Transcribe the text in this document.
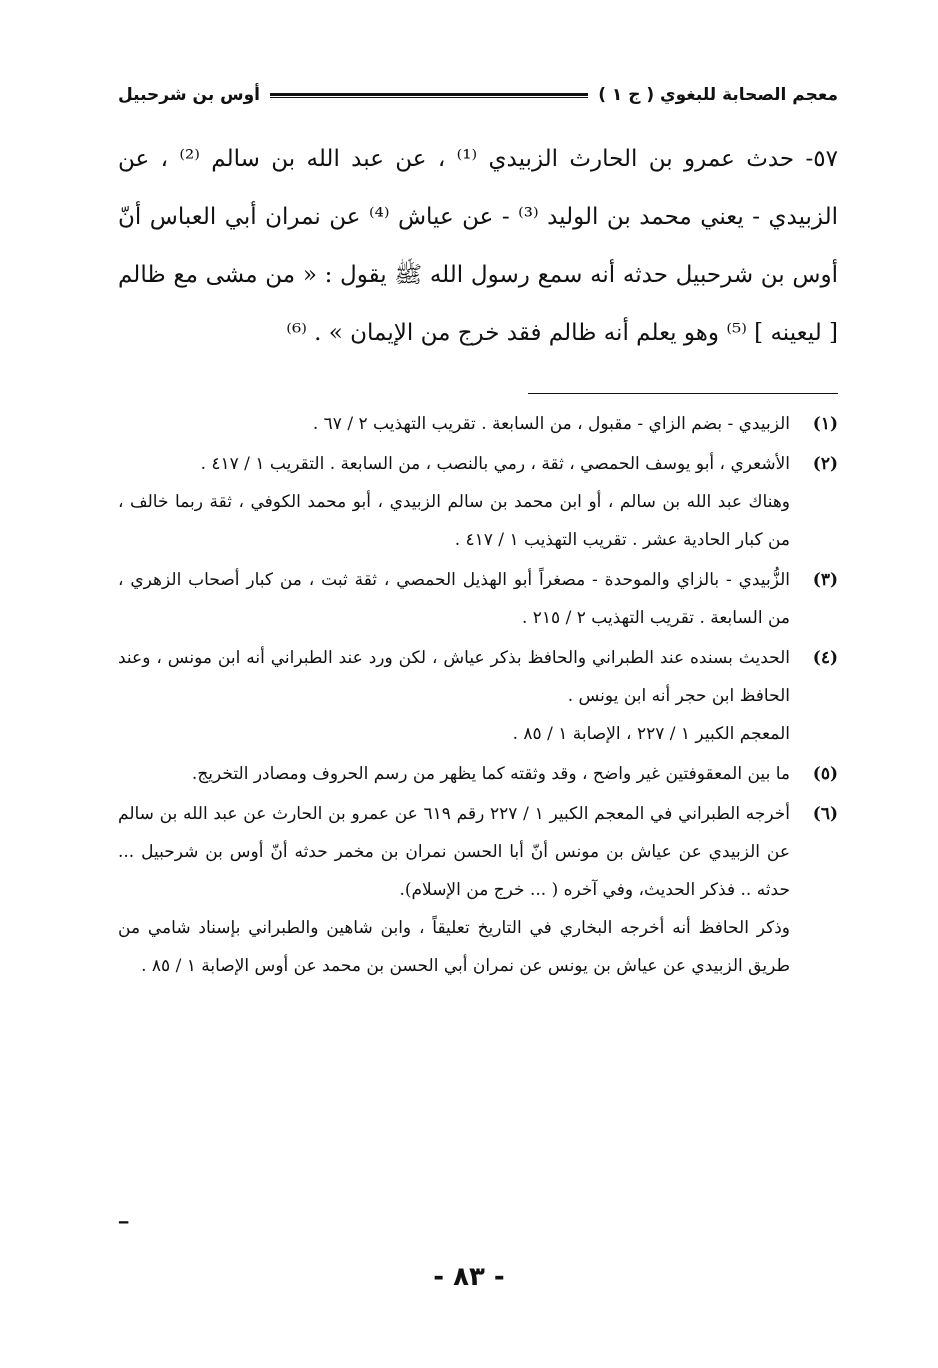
معجم الصحابة للبغوي ( ج ١ )
أوس بن شرحبيل
٥٧- حدث عمرو بن الحارث الزبيدي ⁽¹⁾ ، عن عبد الله بن سالم ⁽²⁾ ، عن الزبيدي - يعني محمد بن الوليد ⁽³⁾ - عن عياش ⁽⁴⁾ عن نمران أبي العباس أنّ أوس بن شرحبيل حدثه أنه سمع رسول الله ﷺ يقول : « من مشى مع ظالم [ ليعينه ] ⁽⁵⁾ وهو يعلم أنه ظالم فقد خرج من الإيمان » . ⁽⁶⁾
(١)

الزبيدي - بضم الزاي - مقبول ، من السابعة . تقريب التهذيب ٢ / ٦٧ .

(٢)

الأشعري ، أبو يوسف الحمصي ، ثقة ، رمي بالنصب ، من السابعة . التقريب ١ / ٤١٧ .

وهناك عبد الله بن سالم ، أو ابن محمد بن سالم الزبيدي ، أبو محمد الكوفي ، ثقة ربما خالف ، من كبار الحادية عشر . تقريب التهذيب ١ / ٤١٧ .

(٣)

الزُّبيدي - بالزاي والموحدة - مصغراً أبو الهذيل الحمصي ، ثقة ثبت ، من كبار أصحاب الزهري ، من السابعة . تقريب التهذيب ٢ / ٢١٥ .

(٤)

الحديث بسنده عند الطبراني والحافظ بذكر عياش ، لكن ورد عند الطبراني أنه ابن مونس ، وعند الحافظ ابن حجر أنه ابن يونس .

المعجم الكبير ١ / ٢٢٧ ، الإصابة ١ / ٨٥ .

(٥)

ما بين المعقوفتين غير واضح ، وقد وثقته كما يظهر من رسم الحروف ومصادر التخريج.

(٦)

أخرجه الطبراني في المعجم الكبير ١ / ٢٢٧ رقم ٦١٩ عن عمرو بن الحارث عن عبد الله بن سالم عن الزبيدي عن عياش بن مونس أنّ أبا الحسن نمران بن مخمر حدثه أنّ أوس بن شرحبيل ... حدثه .. فذكر الحديث، وفي آخره ( ... خرج من الإسلام).

وذكر الحافظ أنه أخرجه البخاري في التاريخ تعليقاً ، وابن شاهين والطبراني بإسناد شامي من طريق الزبيدي عن عياش بن يونس عن نمران أبي الحسن بن محمد عن أوس الإصابة ١ / ٨٥ .

--
- ٨٣ -
